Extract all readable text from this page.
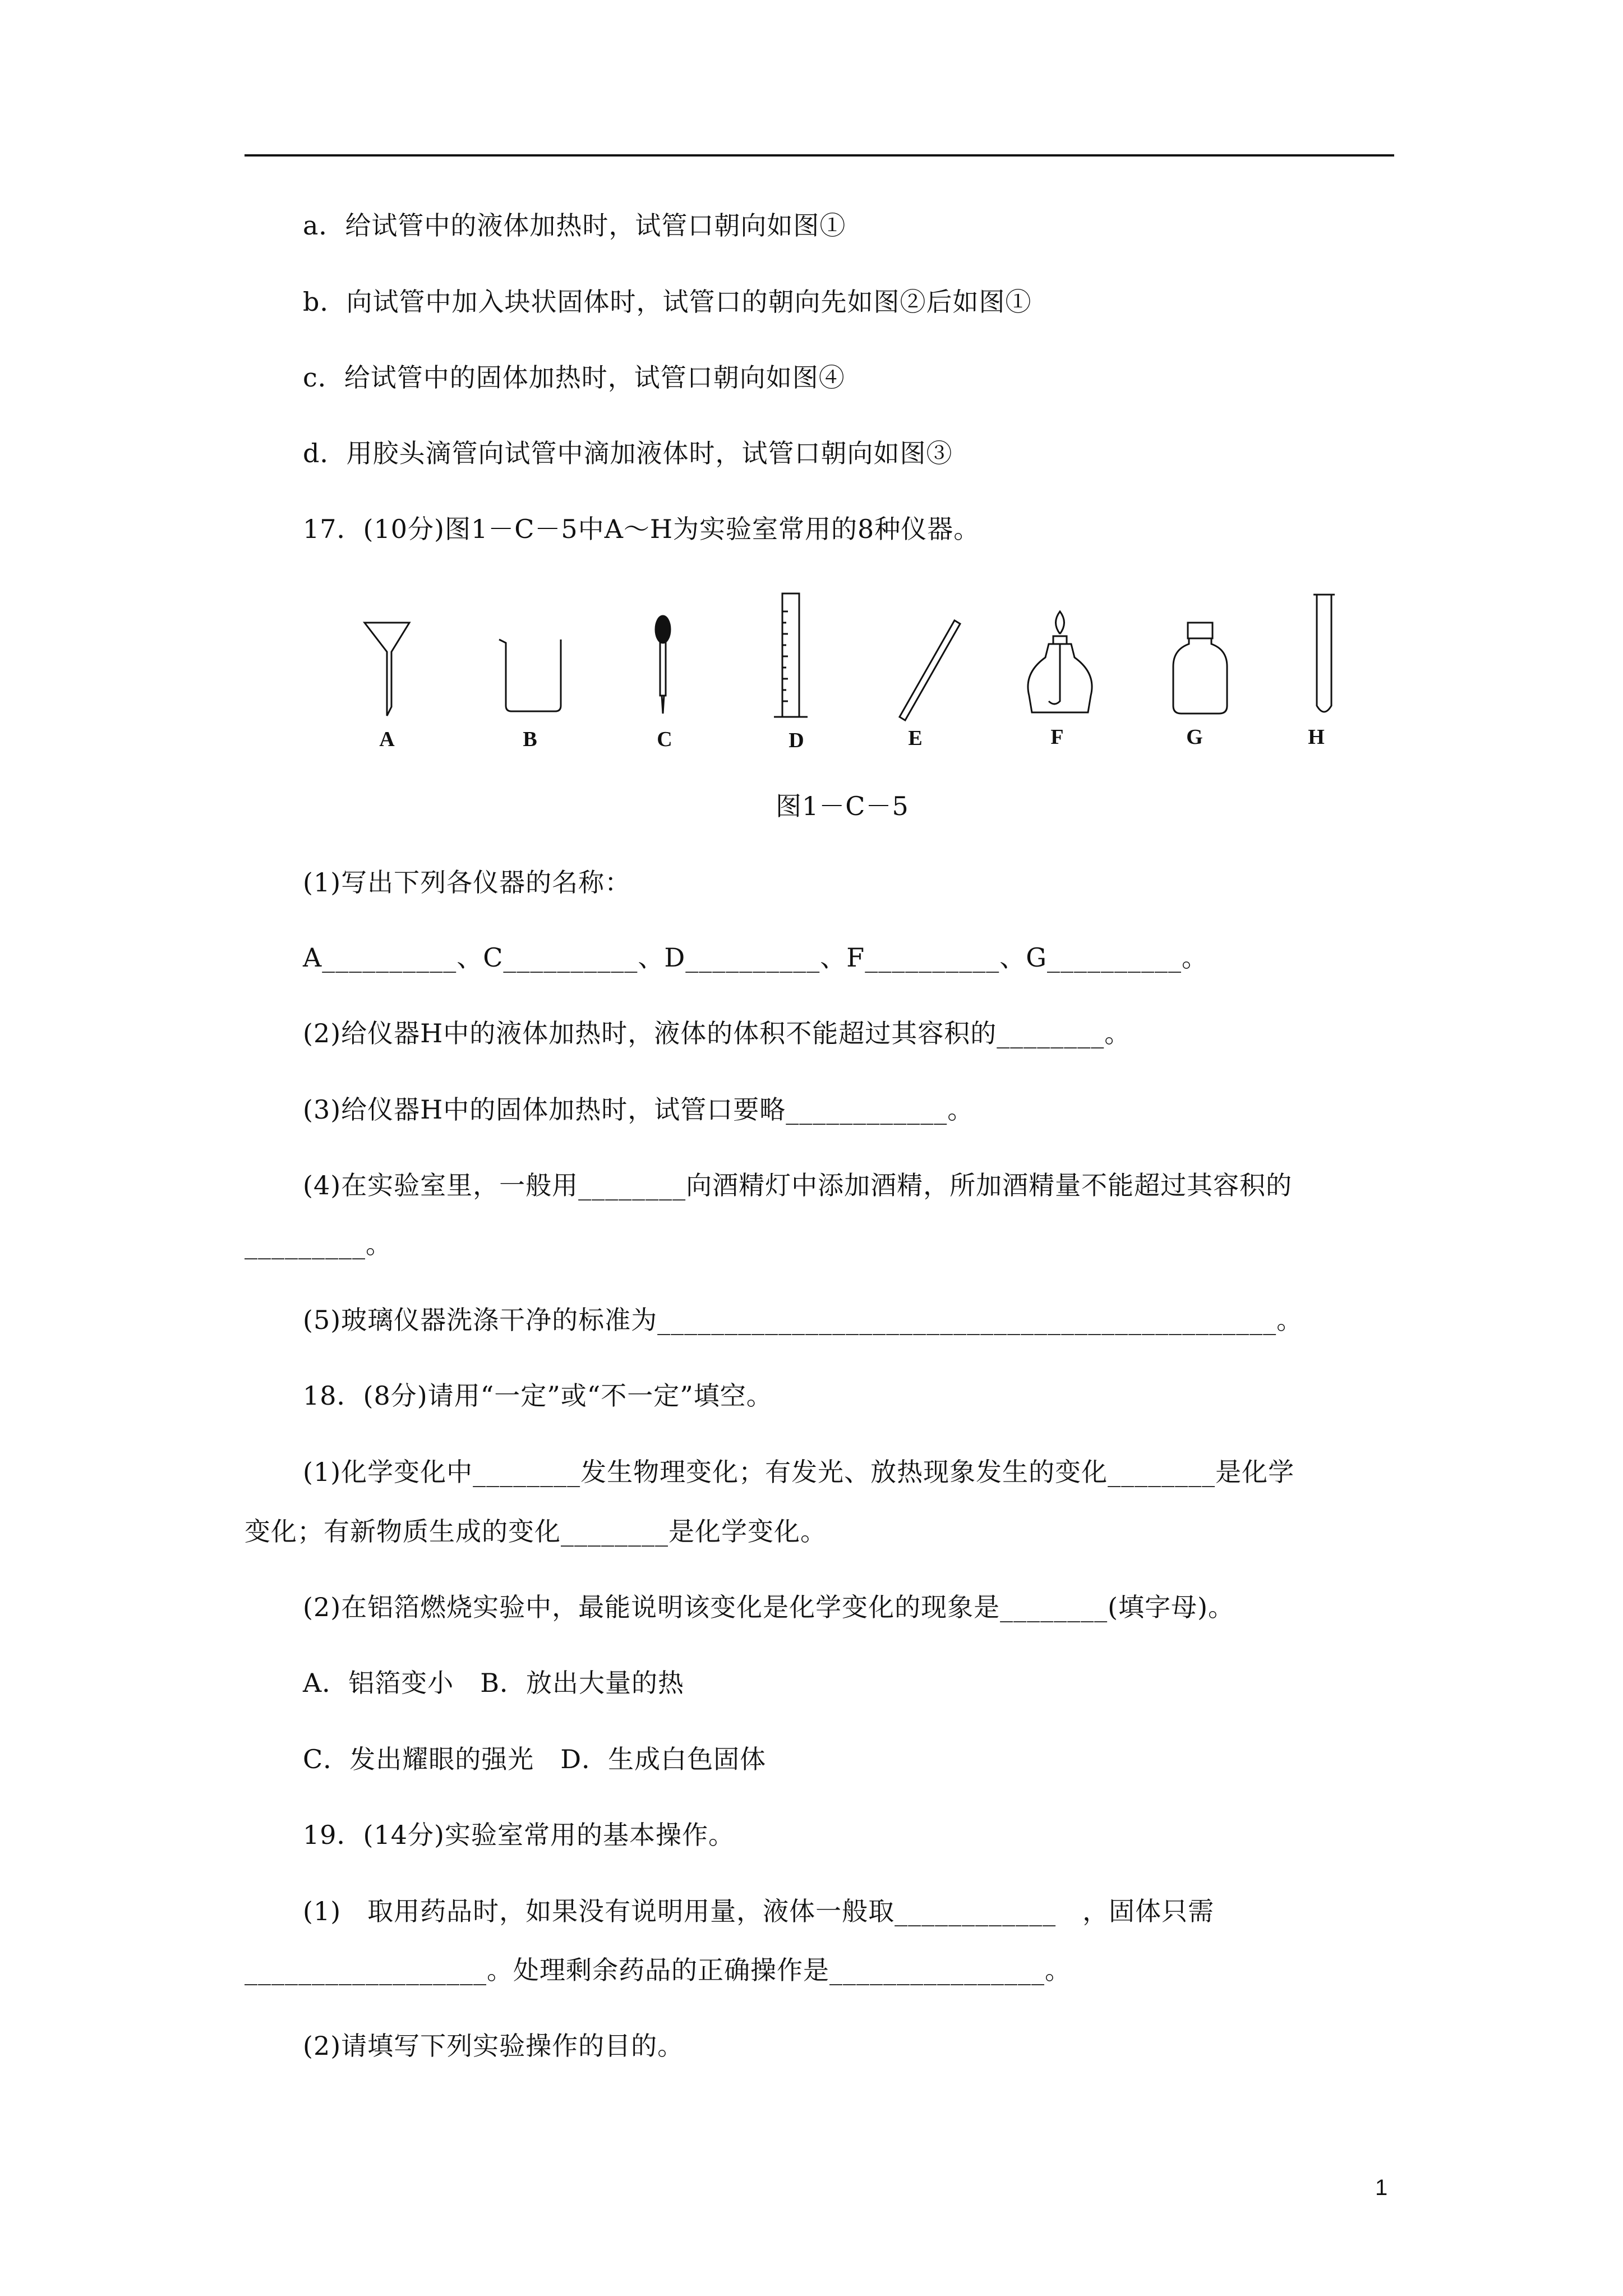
a．给试管中的液体加热时，试管口朝向如图①
b．向试管中加入块状固体时，试管口的朝向先如图②后如图①
c．给试管中的固体加热时，试管口朝向如图④
d．用胶头滴管向试管中滴加液体时，试管口朝向如图③
17．(10分)图1－C－5中A～H为实验室常用的8种仪器。
A	B	C	D	E	F	G	H
图1－C－5
(1)写出下列各仪器的名称：
A__________、C__________、D__________、F__________、G__________。
(2)给仪器H中的液体加热时，液体的体积不能超过其容积的________。
(3)给仪器H中的固体加热时，试管口要略____________。
(4)在实验室里，一般用________向酒精灯中添加酒精，所加酒精量不能超过其容积的
_________。
(5)玻璃仪器洗涤干净的标准为______________________________________________。
18．(8分)请用“一定”或“不一定”填空。
(1)化学变化中________发生物理变化；有发光、放热现象发生的变化________是化学
变化；有新物质生成的变化________是化学变化。
(2)在铝箔燃烧实验中，最能说明该变化是化学变化的现象是________(填字母)。
A．铝箔变小　B．放出大量的热
C．发出耀眼的强光　D．生成白色固体
19．(14分)实验室常用的基本操作。
(1)　取用药品时，如果没有说明用量，液体一般取____________　，固体只需
__________________。处理剩余药品的正确操作是________________。
(2)请填写下列实验操作的目的。
1
